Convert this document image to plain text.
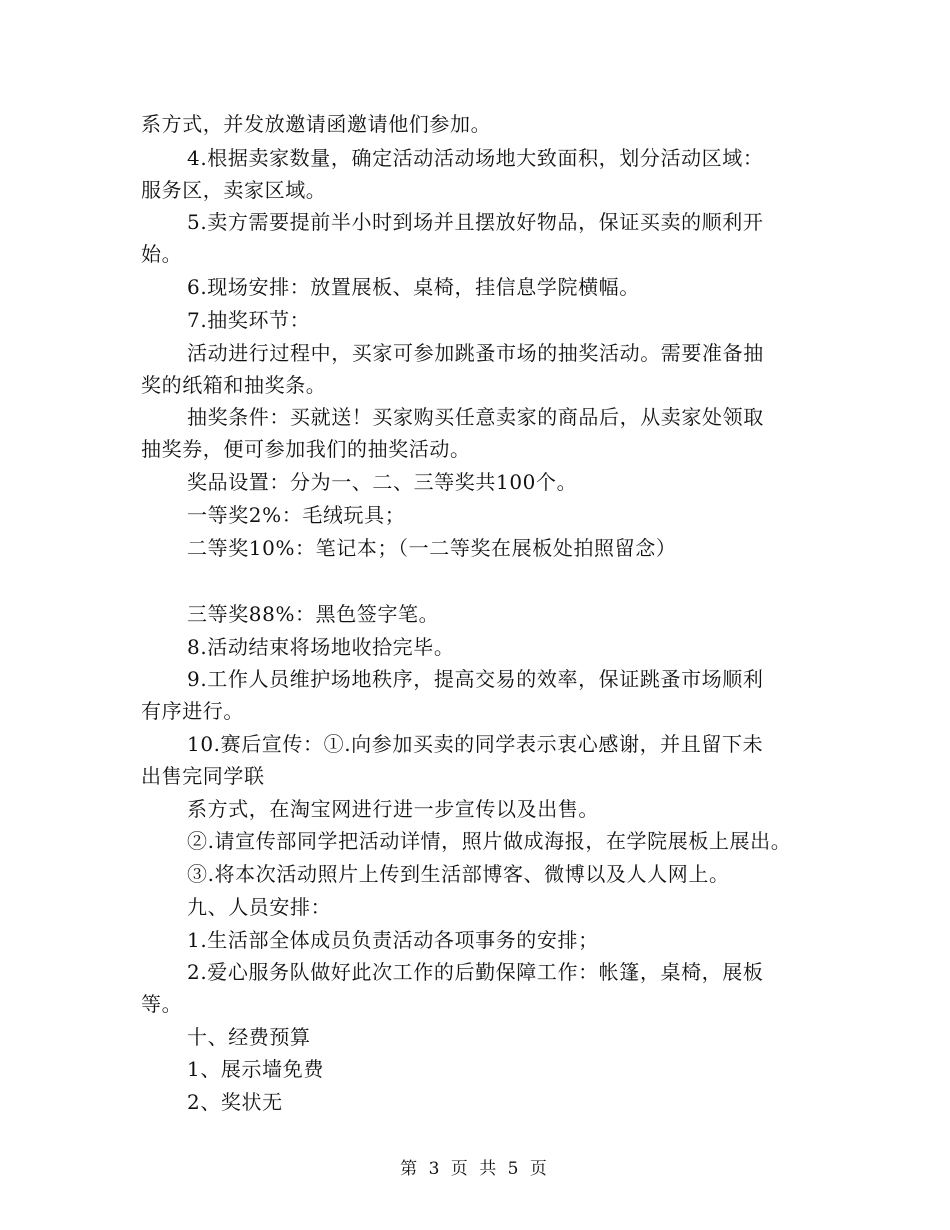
系方式，并发放邀请函邀请他们参加。
4.根据卖家数量，确定活动活动场地大致面积，划分活动区域：
服务区，卖家区域。
5.卖方需要提前半小时到场并且摆放好物品，保证买卖的顺利开
始。
6.现场安排：放置展板、桌椅，挂信息学院横幅。
7.抽奖环节：
活动进行过程中，买家可参加跳蚤市场的抽奖活动。需要准备抽
奖的纸箱和抽奖条。
抽奖条件：买就送！买家购买任意卖家的商品后，从卖家处领取
抽奖券，便可参加我们的抽奖活动。
奖品设置：分为一、二、三等奖共100个。
一等奖2%：毛绒玩具；
二等奖10%：笔记本；（一二等奖在展板处拍照留念）
三等奖88%：黑色签字笔。
8.活动结束将场地收拾完毕。
9.工作人员维护场地秩序，提高交易的效率，保证跳蚤市场顺利
有序进行。
10.赛后宣传：①.向参加买卖的同学表示衷心感谢，并且留下未
出售完同学联
系方式，在淘宝网进行进一步宣传以及出售。
②.请宣传部同学把活动详情，照片做成海报，在学院展板上展出。
③.将本次活动照片上传到生活部博客、微博以及人人网上。
九、人员安排：
1.生活部全体成员负责活动各项事务的安排；
2.爱心服务队做好此次工作的后勤保障工作：帐篷，桌椅，展板
等。
十、经费预算
1、展示墙免费
2、奖状无
第 3 页 共 5 页
